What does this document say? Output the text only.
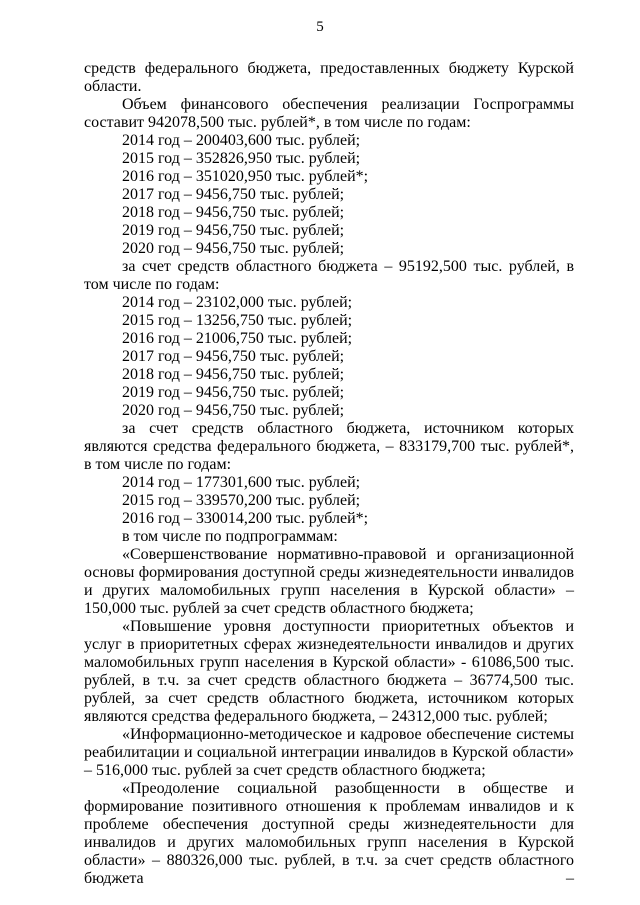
5

средств федерального бюджета, предоставленных бюджету Курской области.

Объем финансового обеспечения реализации Госпрограммы составит 942078,500 тыс. рублей*, в том числе по годам:

2014 год – 200403,600 тыс. рублей;

2015 год – 352826,950 тыс. рублей;

2016 год – 351020,950 тыс. рублей*;

2017 год – 9456,750 тыс. рублей;

2018 год – 9456,750 тыс. рублей;

2019 год – 9456,750 тыс. рублей;

2020 год – 9456,750 тыс. рублей;

за счет средств областного бюджета – 95192,500 тыс. рублей, в том числе по годам:

2014 год – 23102,000 тыс. рублей;

2015 год – 13256,750 тыс. рублей;

2016 год – 21006,750 тыс. рублей;

2017 год – 9456,750 тыс. рублей;

2018 год – 9456,750 тыс. рублей;

2019 год – 9456,750 тыс. рублей;

2020 год – 9456,750 тыс. рублей;

за счет средств областного бюджета, источником которых являются средства федерального бюджета, – 833179,700 тыс. рублей*, в том числе по годам:

2014 год – 177301,600 тыс. рублей;

2015 год – 339570,200 тыс. рублей;

2016 год – 330014,200 тыс. рублей*;

в том числе по подпрограммам:

«Совершенствование нормативно-правовой и организационной основы формирования доступной среды жизнедеятельности инвалидов и других маломобильных групп населения в Курской области» – 150,000 тыс. рублей за счет средств областного бюджета;

«Повышение уровня доступности приоритетных объектов и услуг в приоритетных сферах жизнедеятельности инвалидов и других маломобильных групп населения в Курской области» - 61086,500 тыс. рублей, в т.ч. за счет средств областного бюджета – 36774,500 тыс. рублей, за счет средств областного бюджета, источником которых являются средства федерального бюджета, – 24312,000 тыс. рублей;

«Информационно-методическое и кадровое обеспечение системы реабилитации и социальной интеграции инвалидов в Курской области» – 516,000 тыс. рублей за счет средств областного бюджета;

«Преодоление социальной разобщенности в обществе и формирование позитивного отношения к проблемам инвалидов и к проблеме обеспечения доступной среды жизнедеятельности для инвалидов и других маломобильных групп населения в Курской области» – 880326,000 тыс. рублей, в т.ч. за счет средств областного бюджета –
